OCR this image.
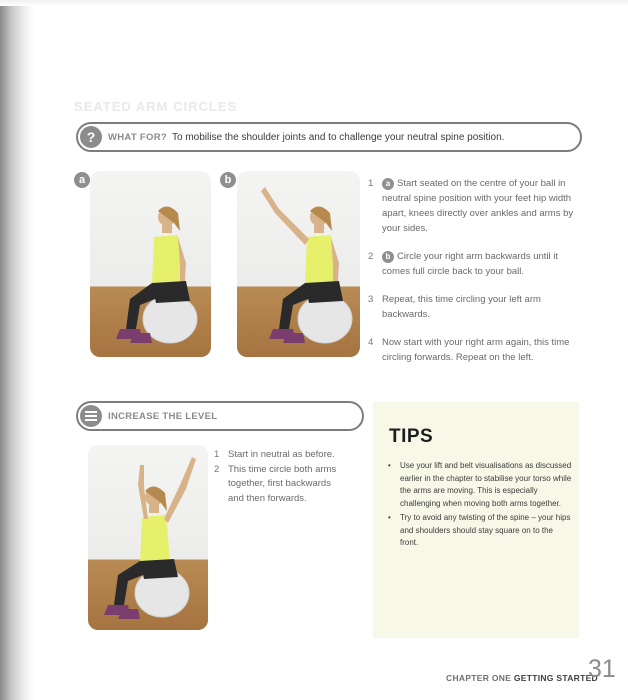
SEATED ARM CIRCLES
?	WHAT FOR? To mobilise the shoulder joints and to challenge your neutral spine position.
a	b	1	a Start seated on the centre of your ball in neutral spine position with your feet hip width apart, knees directly over ankles and arms by your sides.
2	b Circle your right arm backwards until it comes full circle back to your ball.
3 Repeat, this time circling your left arm backwards.
4 Now start with your right arm again, this time circling forwards. Repeat on the left.
INCREASE THE LEVEL
1 Start in neutral as before.
2 This time circle both arms together, first backwards and then forwards.
TIPS
• Use your lift and belt visualisations as discussed earlier in the chapter to stabilise your torso while the arms are moving. This is especially challenging when moving both arms together.
• Try to avoid any twisting of the spine – your hips and shoulders should stay square on to the front.
CHAPTER ONE GETTING STARTED
31
